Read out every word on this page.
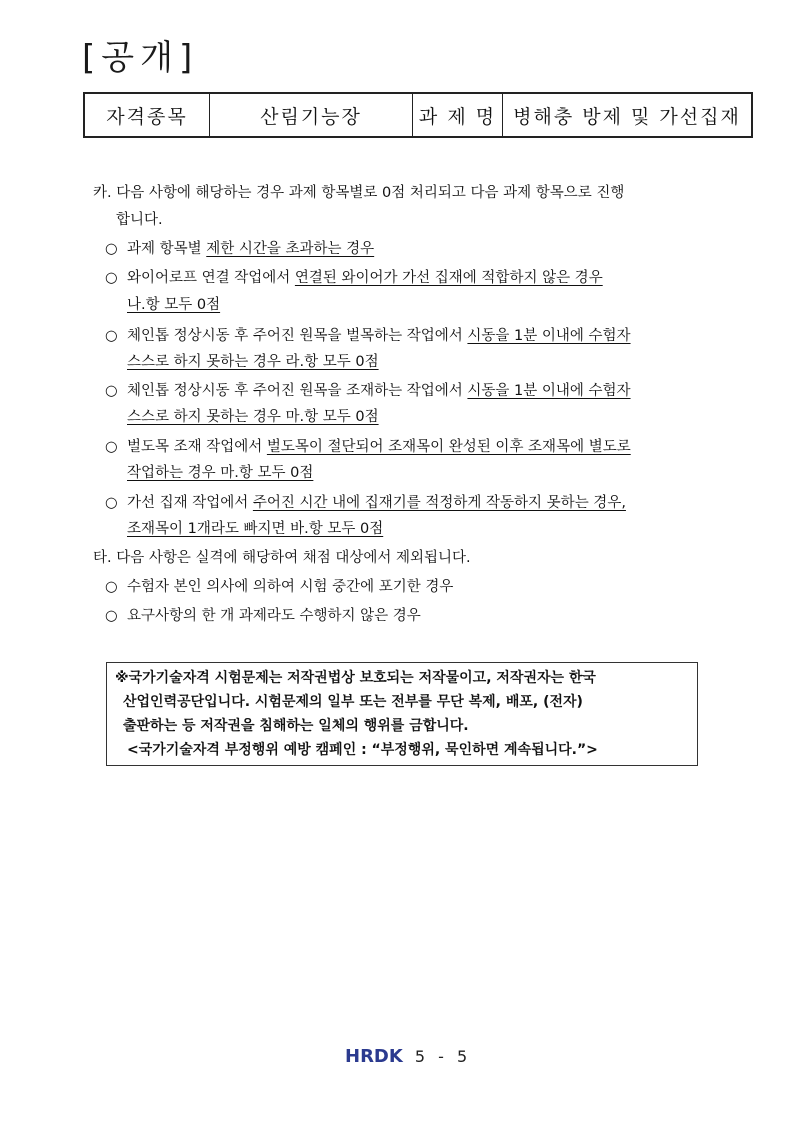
[공개]
자격종목	산림기능장	과 제 명 병해충 방제 및 가선집재
카. 다음 사항에 해당하는 경우 과제 항목별로 0점 처리되고 다음 과제 항목으로 진행
합니다.
○ 과제 항목별 제한 시간을 초과하는 경우
○ 와이어로프 연결 작업에서 연결된 와이어가 가선 집재에 적합하지 않은 경우
나.항 모두 0점
○ 체인톱 정상시동 후 주어진 원목을 벌목하는 작업에서 시동을 1분 이내에 수험자
스스로 하지 못하는 경우 라.항 모두 0점
○ 체인톱 정상시동 후 주어진 원목을 조재하는 작업에서 시동을 1분 이내에 수험자
스스로 하지 못하는 경우 마.항 모두 0점
○ 벌도목 조재 작업에서 벌도목이 절단되어 조재목이 완성된 이후 조재목에 별도로
작업하는 경우 마.항 모두 0점
○ 가선 집재 작업에서 주어진 시간 내에 집재기를 적정하게 작동하지 못하는 경우,
조재목이 1개라도 빠지면 바.항 모두 0점
타. 다음 사항은 실격에 해당하여 채점 대상에서 제외됩니다.
○ 수험자 본인 의사에 의하여 시험 중간에 포기한 경우
○ 요구사항의 한 개 과제라도 수행하지 않은 경우
※국가기술자격 시험문제는 저작권법상 보호되는 저작물이고, 저작권자는 한국
산업인력공단입니다. 시험문제의 일부 또는 전부를 무단 복제, 배포, (전자)
출판하는 등 저작권을 침해하는 일체의 행위를 금합니다.
<국가기술자격 부정행위 예방 캠페인 : “부정행위, 묵인하면 계속됩니다.”>
HRDK 5 - 5
